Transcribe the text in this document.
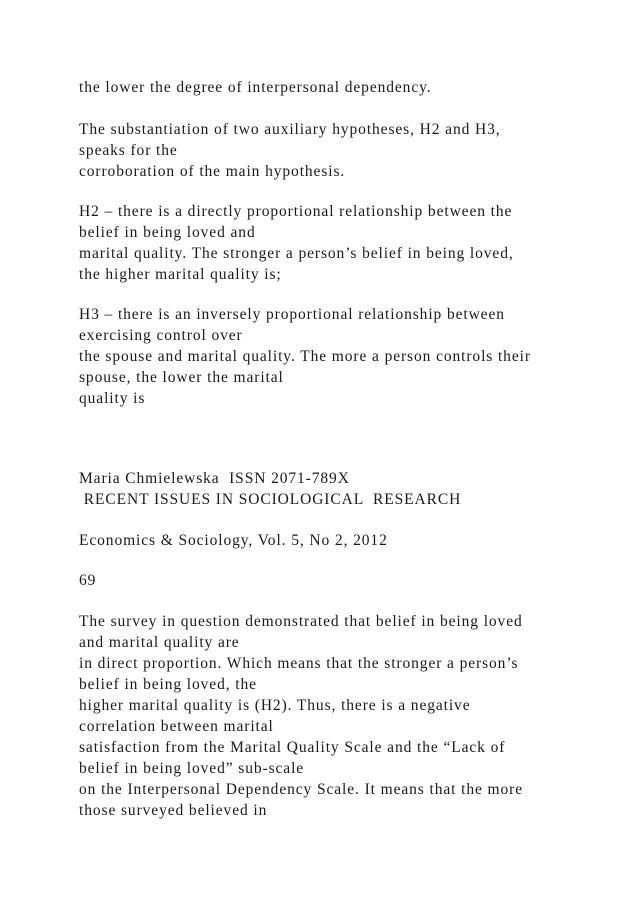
the lower the degree of interpersonal dependency.
The substantiation of two auxiliary hypotheses, H2 and H3,
speaks for the
corroboration of the main hypothesis.
H2 – there is a directly proportional relationship between the
belief in being loved and
marital quality. The stronger a person’s belief in being loved,
the higher marital quality is;
H3 – there is an inversely proportional relationship between
exercising control over
the spouse and marital quality. The more a person controls their
spouse, the lower the marital
quality is
Maria Chmielewska  ISSN 2071-789X
RECENT ISSUES IN SOCIOLOGICAL  RESEARCH
Economics & Sociology, Vol. 5, No 2, 2012
69
The survey in question demonstrated that belief in being loved
and marital quality are
in direct proportion. Which means that the stronger a person’s
belief in being loved, the
higher marital quality is (H2). Thus, there is a negative
correlation between marital
satisfaction from the Marital Quality Scale and the “Lack of
belief in being loved” sub-scale
on the Interpersonal Dependency Scale. It means that the more
those surveyed believed in
